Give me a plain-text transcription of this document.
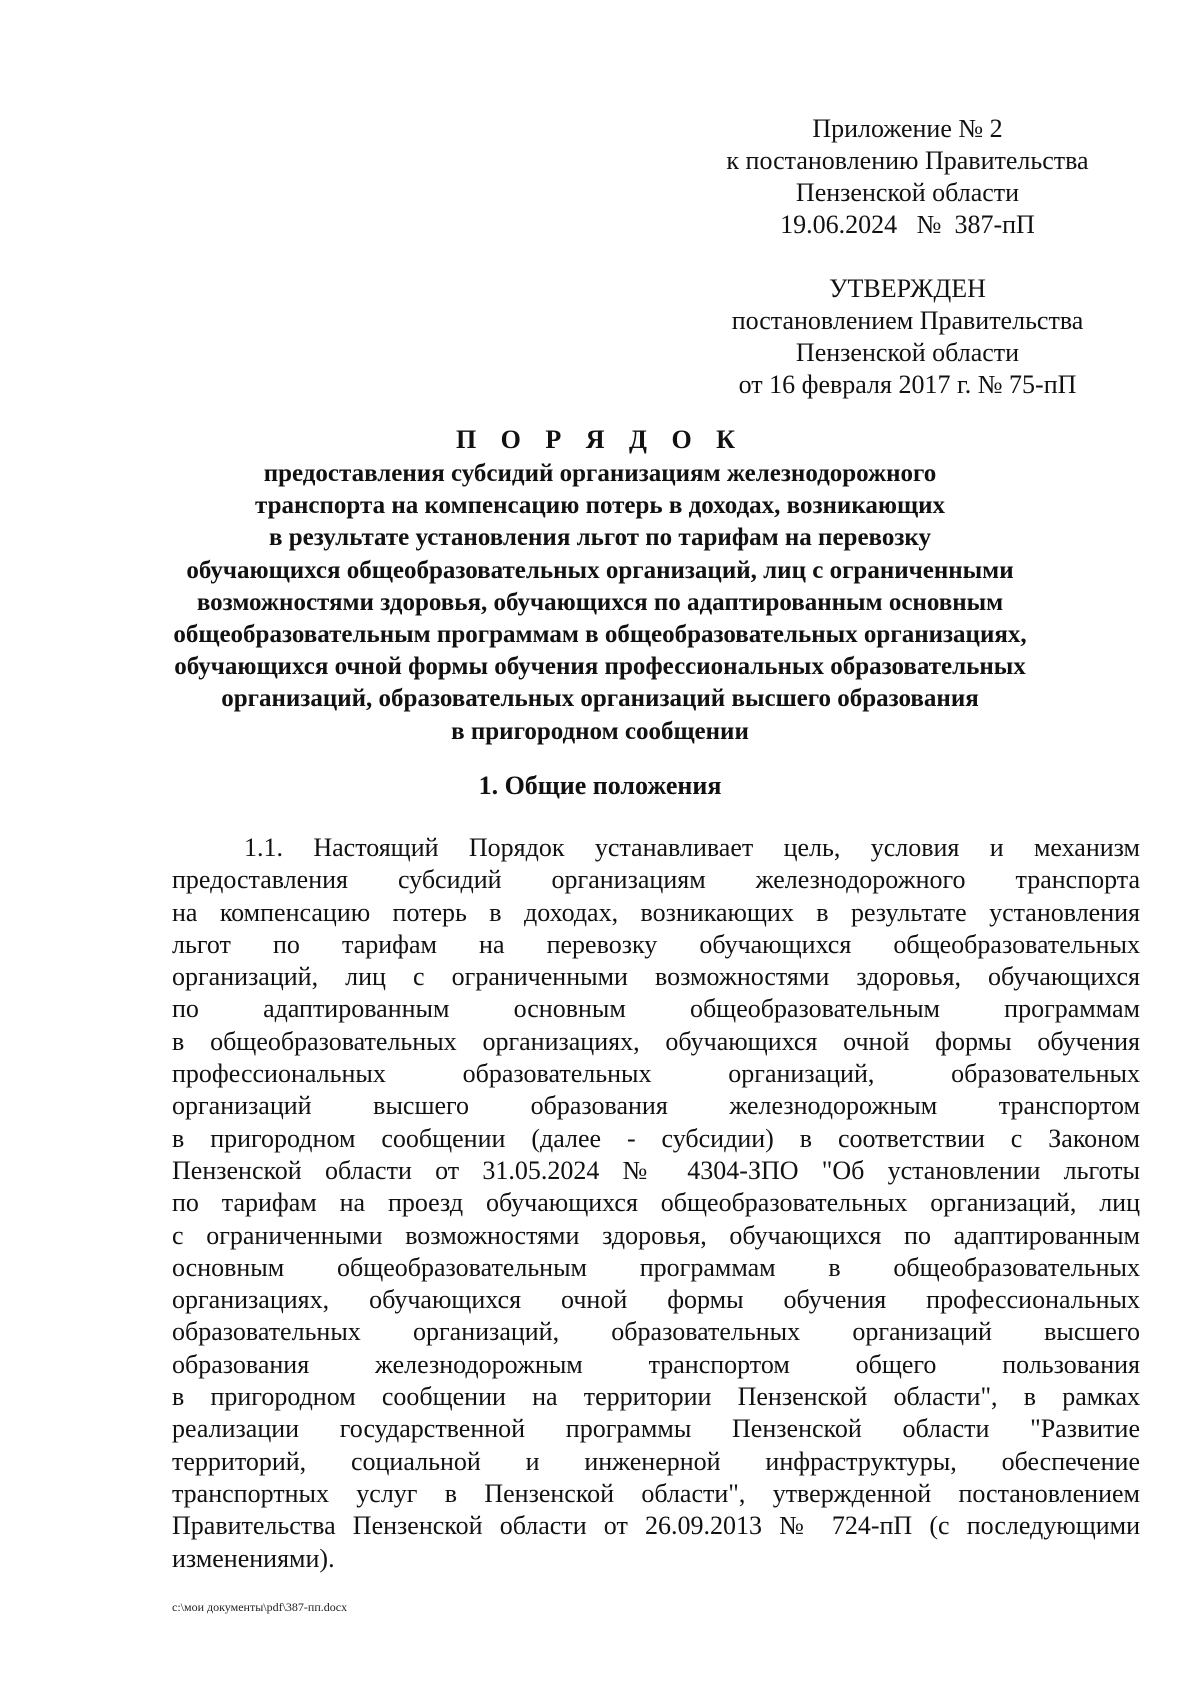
Приложение № 2
к постановлению Правительства
Пензенской области
19.06.2024   №  387-пП
УТВЕРЖДЕН
постановлением Правительства
Пензенской области
от 16 февраля 2017 г. № 75-пП
П О Р Я Д О К
предоставления субсидий организациям железнодорожного
транспорта на компенсацию потерь в доходах, возникающих
в результате установления льгот по тарифам на перевозку
обучающихся общеобразовательных организаций, лиц с ограниченными
возможностями здоровья, обучающихся по адаптированным основным
общеобразовательным программам в общеобразовательных организациях,
обучающихся очной формы обучения профессиональных образовательных
организаций, образовательных организаций высшего образования
в пригородном сообщении
1. Общие положения
1.1. Настоящий Порядок устанавливает цель, условия и механизм
предоставления субсидий организациям железнодорожного транспорта
на компенсацию потерь в доходах, возникающих в результате установления
льгот по тарифам на перевозку обучающихся общеобразовательных
организаций, лиц с ограниченными возможностями здоровья, обучающихся
по адаптированным основным общеобразовательным программам
в общеобразовательных организациях, обучающихся очной формы обучения
профессиональных образовательных организаций, образовательных
организаций высшего образования железнодорожным транспортом
в пригородном сообщении (далее - субсидии) в соответствии с Законом
Пензенской области от 31.05.2024 № 4304-ЗПО "Об установлении льготы
по тарифам на проезд обучающихся общеобразовательных организаций, лиц
с ограниченными возможностями здоровья, обучающихся по адаптированным
основным общеобразовательным программам в общеобразовательных
организациях, обучающихся очной формы обучения профессиональных
образовательных организаций, образовательных организаций высшего
образования железнодорожным транспортом общего пользования
в пригородном сообщении на территории Пензенской области", в рамках
реализации государственной программы Пензенской области "Развитие
территорий, социальной и инженерной инфраструктуры, обеспечение
транспортных услуг в Пензенской области", утвержденной постановлением
Правительства Пензенской области от 26.09.2013 № 724-пП (с последующими
изменениями).
c:\мои документы\pdf\387-пп.docx
